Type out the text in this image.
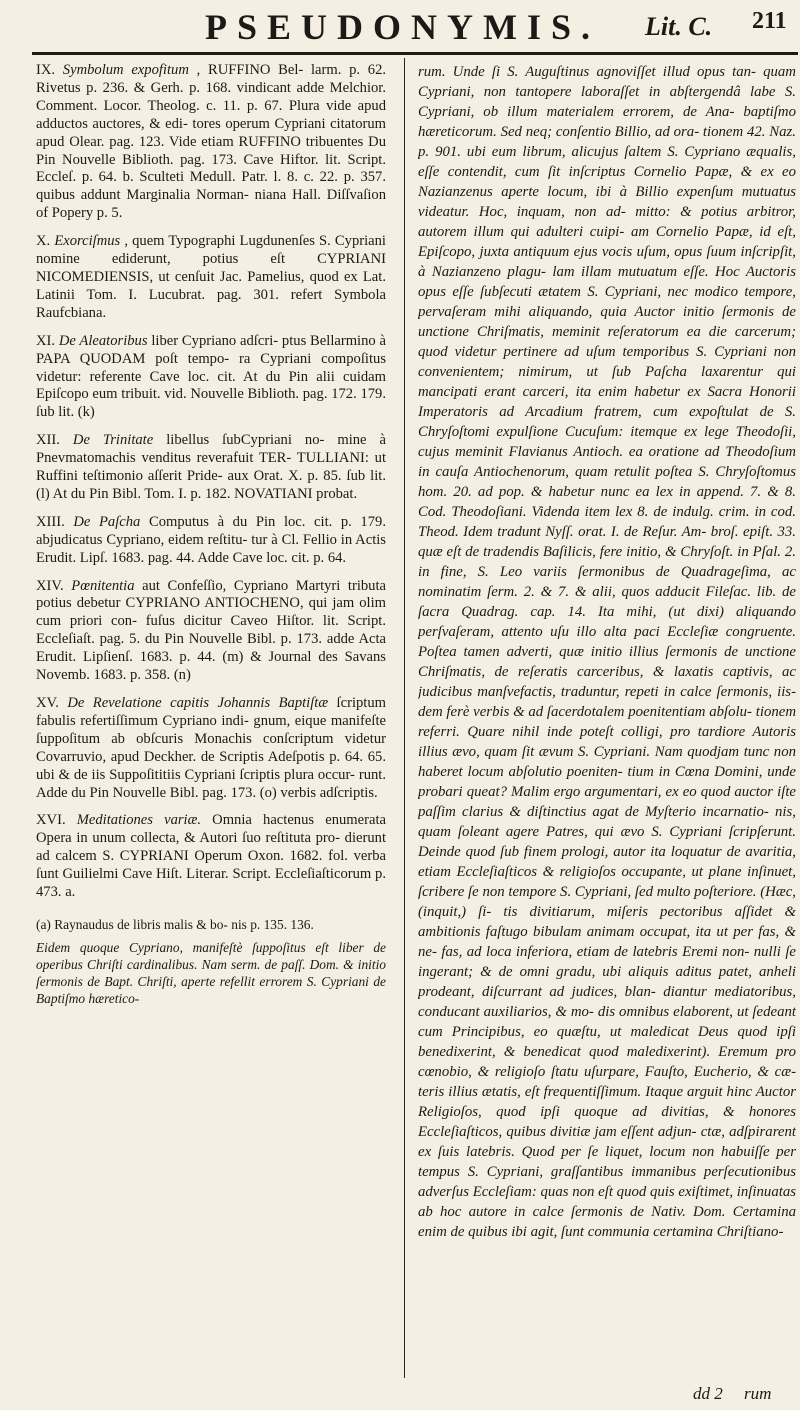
PSEUDONYMIS. Lit. C. 211

IX. Symbolum expofitum , RUFFINO Bel- larm. p. 62. Rivetus p. 236. & Gerh. p. 168. vindicant adde Melchior. Comment. Locor. Theolog. c. 11. p. 67. Plura vide apud adductos auctores, & edi- tores operum Cypriani citatorum apud Olear. pag. 123. Vide etiam RUFFINO tribuentes Du Pin Nouvelle Biblioth. pag. 173. Cave Hiftor. lit. Script. Eccleſ. p. 64. b. Sculteti Medull. Patr. l. 8. c. 22. p. 357. quibus addunt Marginalia Norman- niana Hall. Diſſvaſion of Popery p. 5.

X. Exorciſmus , quem Typographi Lugdunenſes S. Cypriani nomine ediderunt, potius eſt CYPRIANI NICOMEDIENSIS, ut cenſuit Jac. Pamelius, quod ex Lat. Latinii Tom. I. Lucubrat. pag. 301. refert Symbola Raufcbiana.

XI. De Aleatoribus liber Cypriano adſcri- ptus Bellarmino à PAPA QUODAM poſt tempo- ra Cypriani compoſitus videtur: referente Cave loc. cit. At du Pin alii cuidam Epiſcopo eum tribuit. vid. Nouvelle Biblioth. pag. 172. 179. ſub lit. (k)

XII. De Trinitate libellus ſubCypriani no- mine à Pnevmatomachis venditus reverafuit TER- TULLIANI: ut Ruffini teſtimonio aſſerit Pride- aux Orat. X. p. 85. ſub lit. (l) At du Pin Bibl. Tom. I. p. 182. NOVATIANI probat.

XIII. De Paſcha Computus à du Pin loc. cit. p. 179. abjudicatus Cypriano, eidem reſtitu- tur à Cl. Fellio in Actis Erudit. Lipſ. 1683. pag. 44. Adde Cave loc. cit. p. 64.

XIV. Pœnitentia aut Confeſſio, Cypriano Martyri tributa potius debetur CYPRIANO ANTIOCHENO, qui jam olim cum priori con- fuſus dicitur Caveo Hiſtor. lit. Script. Eccleſiaſt. pag. 5. du Pin Nouvelle Bibl. p. 173. adde Acta Erudit. Lipſienſ. 1683. p. 44. (m) & Journal des Savans Novemb. 1683. p. 358. (n)

XV. De Revelatione capitis Johannis Baptiſtæ ſcriptum fabulis refertiſſimum Cypriano indi- gnum, eique manifeſte ſuppoſitum ab obſcuris Monachis conſcriptum videtur Covarruvio, apud Deckher. de Scriptis Adeſpotis p. 64. 65. ubi & de iis Suppoſititiis Cypriani ſcriptis plura occur- runt. Adde du Pin Nouvelle Bibl. pag. 173. (o) verbis adſcriptis.

XVI. Meditationes variæ. Omnia hactenus enumerata Opera in unum collecta, & Autori ſuo reſtituta pro- dierunt ad calcem S. CYPRIANI Operum Oxon. 1682. fol. verba ſunt Guilielmi Cave Hiſt. Literar. Script. Eccleſiaſticorum p. 473. a.

(a) Raynaudus de libris malis & bo- nis p. 135. 136.

Eidem quoque Cypriano, manifeſtè ſuppoſitus eſt liber de operibus Chriſti cardinalibus. Nam serm. de paſſ. Dom. & initio ſermonis de Bapt. Chriſti, aperte refellit errorem S. Cypriani de Baptiſmo hæretico-

rum. Unde ſi S. Auguſtinus agnoviſſet illud opus tan- quam Cypriani, non tantopere laboraſſet in abſtergendâ labe S. Cypriani, ob illum materialem errorem, de Ana- baptiſmo hæreticorum. Sed neq; conſentio Billio, ad ora- tionem 42. Naz. p. 901. ubi eum librum, alicujus ſaltem S. Cypriano æqualis, eſſe contendit, cum ſit inſcriptus Cornelio Papæ, & ex eo Nazianzenus aperte locum, ibi à Billio expenſum mutuatus videatur. Hoc, inquam, non ad- mitto: & potius arbitror, autorem illum qui adulteri cuipi- am Cornelio Papæ, id eſt, Epiſcopo, juxta antiquum ejus vocis uſum, opus ſuum inſcripſit, à Nazianzeno plagu- lam illam mutuatum eſſe. Hoc Auctoris opus eſſe ſubſecuti ætatem S. Cypriani, nec modico tempore, pervaſeram mihi aliquando, quia Auctor initio ſermonis de unctione Chriſmatis, meminit reſeratorum ea die carcerum; quod videtur pertinere ad uſum temporibus S. Cypriani non convenientem; nimirum, ut ſub Paſcha laxarentur qui mancipati erant carceri, ita enim habetur ex Sacra Honorii Imperatoris ad Arcadium fratrem, cum expoſtulat de S. Chryſoſtomi expulſione Cucuſum: itemque ex lege Theodoſii, cujus meminit Flavianus Antioch. ea oratione ad Theodoſium in cauſa Antiochenorum, quam retulit poſtea S. Chryſoſtomus hom. 20. ad pop. & habetur nunc ea lex in append. 7. & 8. Cod. Theodoſiani. Videnda item lex 8. de indulg. crim. in cod. Theod. Idem tradunt Nyſſ. orat. I. de Reſur. Am- broſ. epiſt. 33. quæ eſt de tradendis Baſilicis, fere initio, & Chryſoſt. in Pſal. 2. in fine, S. Leo variis ſermonibus de Quadrageſima, ac nominatim ſerm. 2. & 7. & alii, quos adducit Fileſac. lib. de ſacra Quadrag. cap. 14. Ita mihi, (ut dixi) aliquando perſvaſeram, attento uſu illo alta paci Eccleſiæ congruente. Poſtea tamen adverti, quæ initio illius ſermonis de unctione Chriſmatis, de reſeratis carceribus, & laxatis captivis, ac judicibus manſvefactis, traduntur, repeti in calce ſermonis, iis- dem ferè verbis & ad ſacerdotalem poenitentiam abſolu- tionem referri. Quare nihil inde poteſt colligi, pro tardiore Autoris illius ævo, quam ſit ævum S. Cypriani. Nam quodjam tunc non haberet locum abſolutio poeniten- tium in Cœna Domini, unde probari queat? Malim ergo argumentari, ex eo quod auctor iſte paſſim clarius & diſtinctius agat de Myſterio incarnatio- nis, quam ſoleant agere Patres, qui ævo S. Cypriani ſcripſerunt. Deinde quod ſub finem prologi, autor ita loquatur de avaritia, etiam Eccleſiaſticos & religioſos occupante, ut plane inſinuet, ſcribere ſe non tempore S. Cypriani, ſed multo poſteriore. (Hæc, (inquit,) ſi- tis divitiarum, miſeris pectoribus aſſidet & ambitionis faſtugo bibulam animam occupat, ita ut per fas, & ne- fas, ad loca inferiora, etiam de latebris Eremi non- nulli ſe ingerant; & de omni gradu, ubi aliquis aditus patet, anheli prodeant, diſcurrant ad judices, blan- diantur mediatoribus, conducant auxiliarios, & mo- dis omnibus elaborent, ut ſedeant cum Principibus, eo quæſtu, ut maledicat Deus quod ipſi benedixerint, & benedicat quod maledixerint). Eremum pro cœnobio, & religioſo ſtatu uſurpare, Fauſto, Eucherio, & cæ- teris illius ætatis, eſt frequentiſſimum. Itaque arguit hinc Auctor Religioſos, quod ipſi quoque ad divitias, & honores Eccleſiaſticos, quibus divitiæ jam eſſent adjun- ctæ, adſpirarent ex ſuis latebris. Quod per ſe liquet, locum non habuiſſe per tempus S. Cypriani, graſſantibus immanibus perſecutionibus adverſus Eccleſiam: quas non eſt quod quis exiſtimet, inſinuatas ab hoc autore in calce ſermonis de Nativ. Dom. Certamina enim de quibus ibi agit, ſunt communia certamina Chriſtiano-

dd 2 rum
